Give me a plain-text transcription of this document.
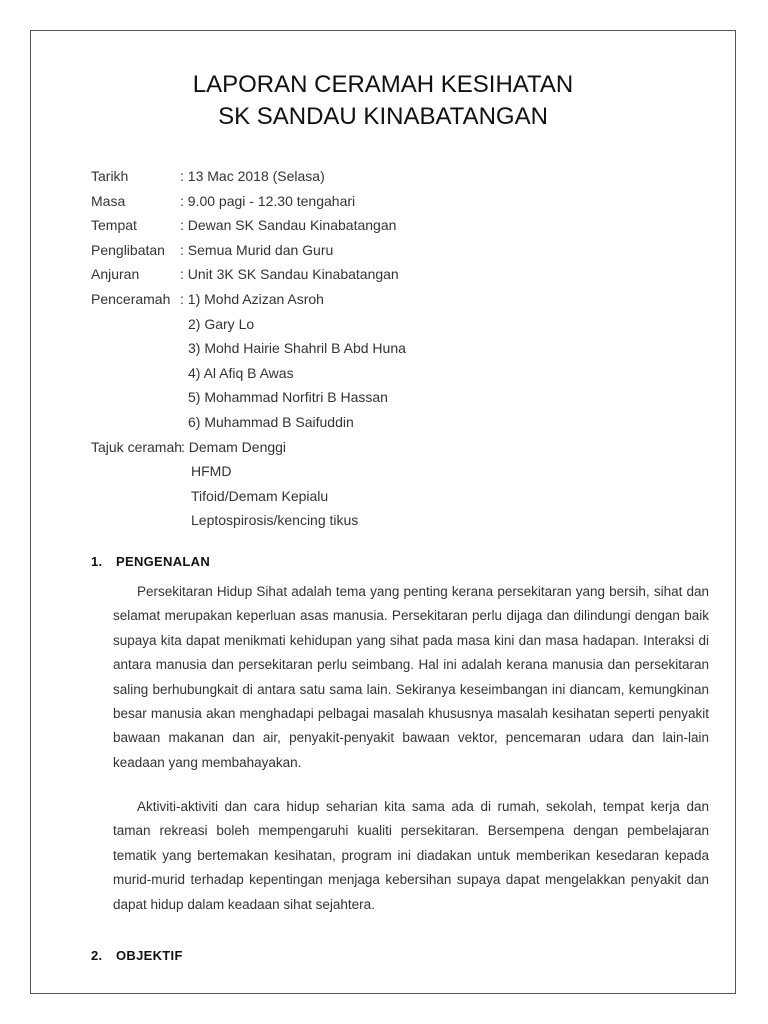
LAPORAN CERAMAH KESIHATAN
SK SANDAU KINABATANGAN
Tarikh	: 13 Mac 2018 (Selasa)
Masa	: 9.00 pagi - 12.30 tengahari
Tempat	: Dewan SK Sandau Kinabatangan
Penglibatan : Semua Murid dan Guru
Anjuran	: Unit 3K SK Sandau Kinabatangan
Penceramah : 1) Mohd Azizan Asroh
2) Gary Lo
3) Mohd Hairie Shahril B Abd Huna
4) Al Afiq B Awas
5) Mohammad Norfitri B Hassan
6) Muhammad B Saifuddin
Tajuk ceramah
: Demam Denggi
HFMD
Tifoid/Demam Kepialu
Leptospirosis/kencing tikus
1. PENGENALAN

Persekitaran Hidup Sihat adalah tema yang penting kerana persekitaran yang bersih, sihat dan selamat merupakan keperluan asas manusia. Persekitaran perlu dijaga dan dilindungi dengan baik supaya kita dapat menikmati kehidupan yang sihat pada masa kini dan masa hadapan. Interaksi di antara manusia dan persekitaran perlu seimbang. Hal ini adalah kerana manusia dan persekitaran saling berhubungkait di antara satu sama lain. Sekiranya keseimbangan ini diancam, kemungkinan besar manusia akan menghadapi pelbagai masalah khususnya masalah kesihatan seperti penyakit bawaan makanan dan air, penyakit-penyakit bawaan vektor, pencemaran udara dan lain-lain keadaan yang membahayakan.

Aktiviti-aktiviti dan cara hidup seharian kita sama ada di rumah, sekolah, tempat kerja dan taman rekreasi boleh mempengaruhi kualiti persekitaran. Bersempena dengan pembelajaran tematik yang bertemakan kesihatan, program ini diadakan untuk memberikan kesedaran kepada murid-murid terhadap kepentingan menjaga kebersihan supaya dapat mengelakkan penyakit dan dapat hidup dalam keadaan sihat sejahtera.

2. OBJEKTIF
